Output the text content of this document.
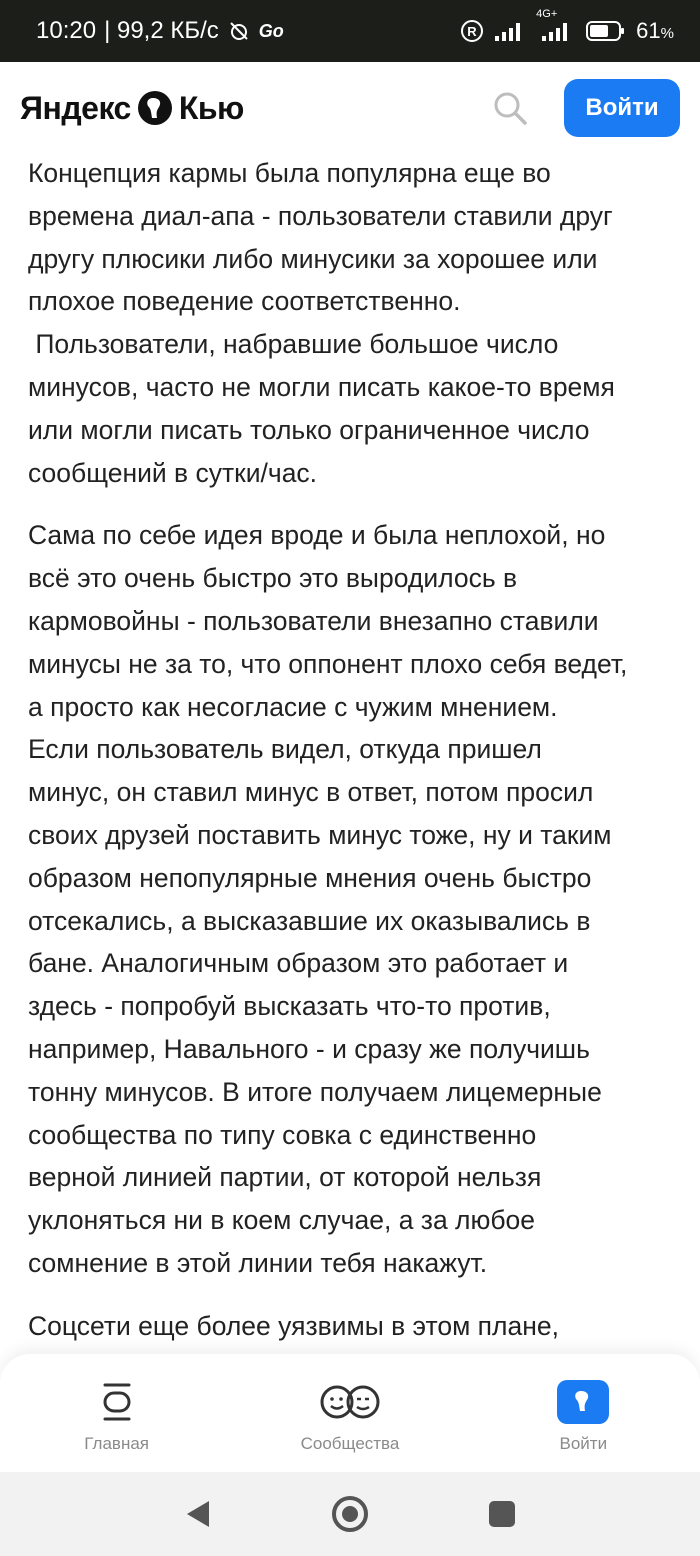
10:20 | 99,2 КБ/с Go	R
4G+
61%
Яндекс Кью	Войти
Концепция кармы была популярна еще во
времена диал-апа - пользователи ставили друг
другу плюсики либо минусики за хорошее или
плохое поведение соответственно.
Пользователи, набравшие большое число
минусов, часто не могли писать какое-то время
или могли писать только ограниченное число
сообщений в сутки/час.
Сама по себе идея вроде и была неплохой, но
всё это очень быстро это выродилось в
кармовойны - пользователи внезапно ставили
минусы не за то, что оппонент плохо себя ведет,
а просто как несогласие с чужим мнением.
Если пользователь видел, откуда пришел
минус, он ставил минус в ответ, потом просил
своих друзей поставить минус тоже, ну и таким
образом непопулярные мнения очень быстро
отсекались, а высказавшие их оказывались в
бане. Аналогичным образом это работает и
здесь - попробуй высказать что-то против,
например, Навального - и сразу же получишь
тонну минусов. В итоге получаем лицемерные
сообщества по типу совка с единственно
верной линией партии, от которой нельзя
уклоняться ни в коем случае, а за любое
сомнение в этой линии тебя накажут.
Соцсети еще более уязвимы в этом плане,
Главная	Сообщества	Войти
